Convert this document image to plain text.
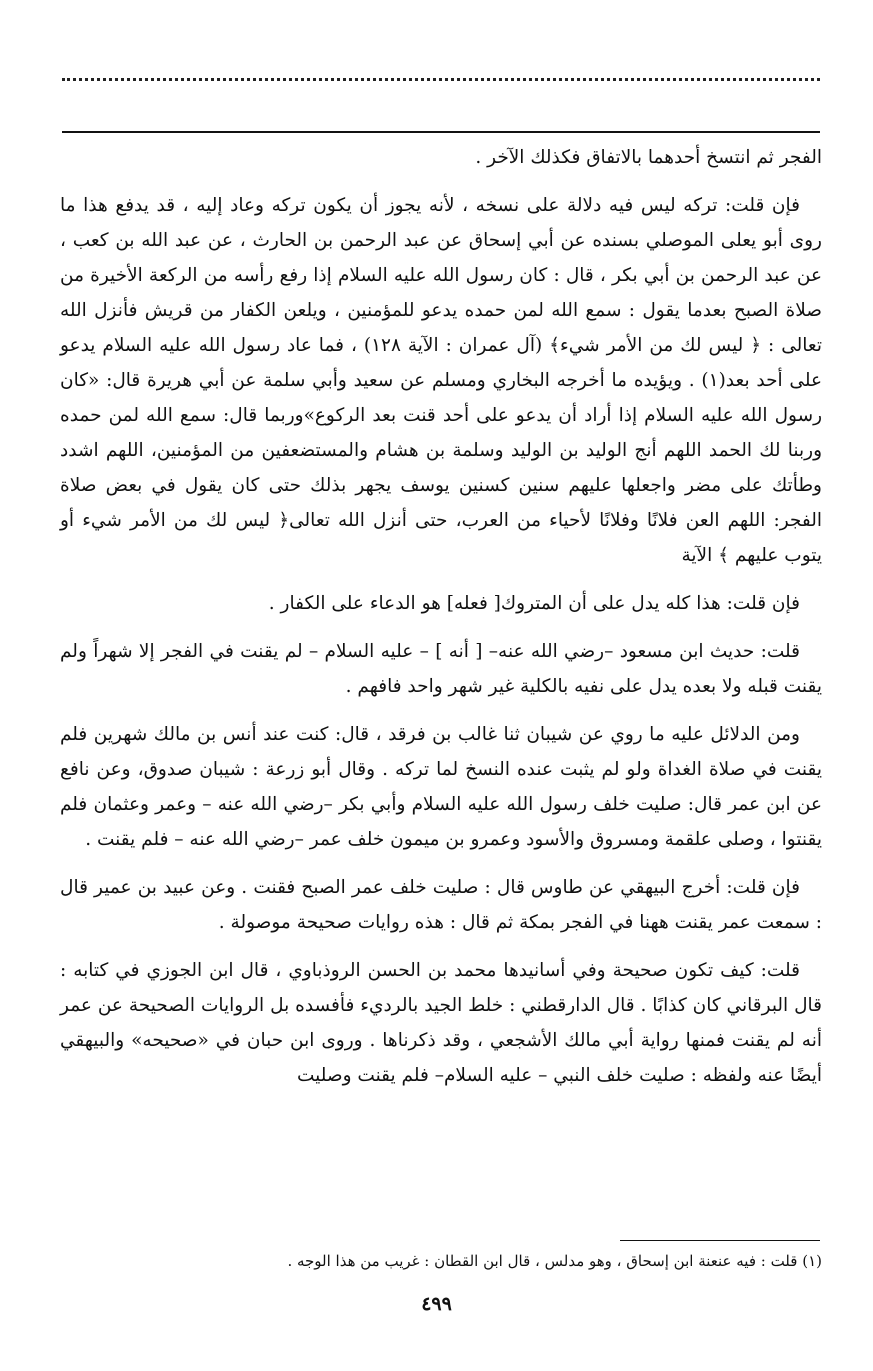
الفجر ثم انتسخ أحدهما بالاتفاق فكذلك الآخر .

فإن قلت: تركه ليس فيه دلالة على نسخه ، لأنه يجوز أن يكون تركه وعاد إليه ، قد يدفع هذا ما روى أبو يعلى الموصلي بسنده عن أبي إسحاق عن عبد الرحمن بن الحارث ، عن عبد الله بن كعب ، عن عبد الرحمن بن أبي بكر ، قال : كان رسول الله عليه السلام إذا رفع رأسه من الركعة الأخيرة من صلاة الصبح بعدما يقول : سمع الله لمن حمده يدعو للمؤمنين ، ويلعن الكفار من قريش فأنزل الله تعالى : ﴿ ليس لك من الأمر شيء﴾ (آل عمران : الآية ١٢٨) ، فما عاد رسول الله عليه السلام يدعو على أحد بعد(١) . ويؤيده ما أخرجه البخاري ومسلم عن سعيد وأبي سلمة عن أبي هريرة قال: «كان رسول الله عليه السلام إذا أراد أن يدعو على أحد قنت بعد الركوع»وربما قال: سمع الله لمن حمده وربنا لك الحمد اللهم أنج الوليد بن الوليد وسلمة بن هشام والمستضعفين من المؤمنين، اللهم اشدد وطأتك على مضر واجعلها عليهم سنين كسنين يوسف يجهر بذلك حتى كان يقول في بعض صلاة الفجر: اللهم العن فلانًا وفلانًا لأحياء من العرب، حتى أنزل الله تعالى﴿ ليس لك من الأمر شيء أو يتوب عليهم ﴾ الآية

فإن قلت: هذا كله يدل على أن المتروك[ فعله] هو الدعاء على الكفار .

قلت: حديث ابن مسعود –رضي الله عنه– [ أنه ] – عليه السلام – لم يقنت في الفجر إلا شهراً ولم يقنت قبله ولا بعده يدل على نفيه بالكلية غير شهر واحد فافهم .

ومن الدلائل عليه ما روي عن شيبان ثنا غالب بن فرقد ، قال: كنت عند أنس بن مالك شهرين فلم يقنت في صلاة الغداة ولو لم يثبت عنده النسخ لما تركه . وقال أبو زرعة : شيبان صدوق، وعن نافع عن ابن عمر قال: صليت خلف رسول الله عليه السلام وأبي بكر –رضي الله عنه – وعمر وعثمان فلم يقنتوا ، وصلى علقمة ومسروق والأسود وعمرو بن ميمون خلف عمر –رضي الله عنه – فلم يقنت .

فإن قلت: أخرج البيهقي عن طاوس قال : صليت خلف عمر الصبح فقنت . وعن عبيد بن عمير قال : سمعت عمر يقنت ههنا في الفجر بمكة ثم قال : هذه روايات صحيحة موصولة .

قلت: كيف تكون صحيحة وفي أسانيدها محمد بن الحسن الروذباوي ، قال ابن الجوزي في كتابه : قال البرقاني كان كذابًا . قال الدارقطني : خلط الجيد بالرديء فأفسده بل الروايات الصحيحة عن عمر أنه لم يقنت فمنها رواية أبي مالك الأشجعي ، وقد ذكرناها . وروى ابن حبان في «صحيحه» والبيهقي أيضًا عنه ولفظه : صليت خلف النبي – عليه السلام– فلم يقنت وصليت

(١) قلت : فيه عنعنة ابن إسحاق ، وهو مدلس ، قال ابن القطان : غريب من هذا الوجه .
٤٩٩
